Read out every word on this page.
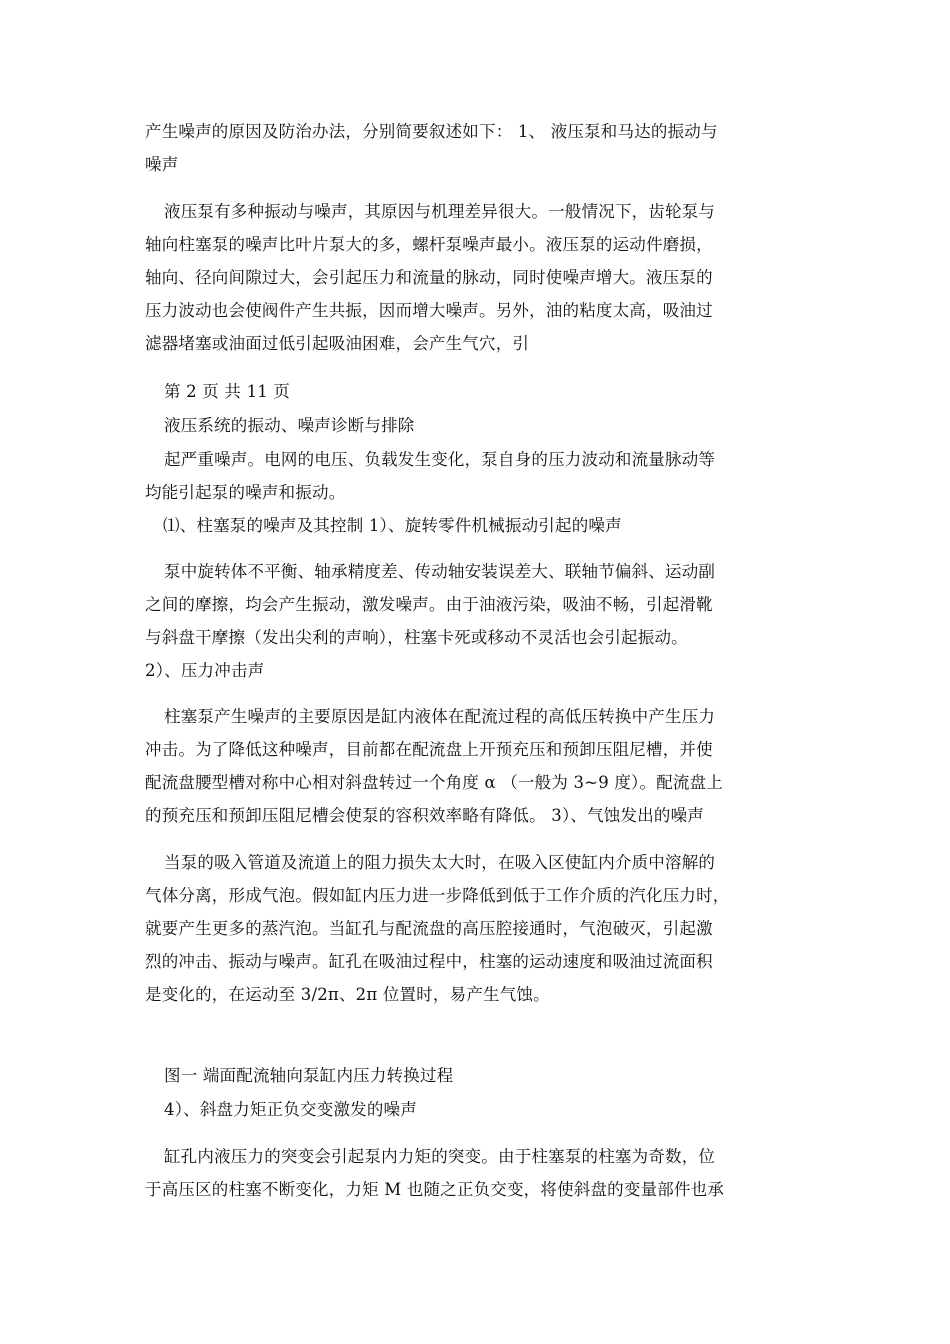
产生噪声的原因及防治办法，分别简要叙述如下： 1、 液压泵和马达的振动与
噪声
液压泵有多种振动与噪声，其原因与机理差异很大。一般情况下，齿轮泵与
轴向柱塞泵的噪声比叶片泵大的多，螺杆泵噪声最小。液压泵的运动件磨损，
轴向、径向间隙过大，会引起压力和流量的脉动，同时使噪声增大。液压泵的
压力波动也会使阀件产生共振，因而增大噪声。另外，油的粘度太高，吸油过
滤器堵塞或油面过低引起吸油困难，会产生气穴，引
第 2 页 共 11 页
液压系统的振动、噪声诊断与排除
起严重噪声。电网的电压、负载发生变化，泵自身的压力波动和流量脉动等
均能引起泵的噪声和振动。
⑴、柱塞泵的噪声及其控制 1）、旋转零件机械振动引起的噪声
泵中旋转体不平衡、轴承精度差、传动轴安装误差大、联轴节偏斜、运动副
之间的摩擦，均会产生振动，激发噪声。由于油液污染，吸油不畅，引起滑靴
与斜盘干摩擦（发出尖利的声响），柱塞卡死或移动不灵活也会引起振动。
2）、压力冲击声
柱塞泵产生噪声的主要原因是缸内液体在配流过程的高低压转换中产生压力
冲击。为了降低这种噪声，目前都在配流盘上开预充压和预卸压阻尼槽，并使
配流盘腰型槽对称中心相对斜盘转过一个角度 α （一般为 3~9 度）。配流盘上
的预充压和预卸压阻尼槽会使泵的容积效率略有降低。 3）、气蚀发出的噪声
当泵的吸入管道及流道上的阻力损失太大时，在吸入区使缸内介质中溶解的
气体分离，形成气泡。假如缸内压力进一步降低到低于工作介质的汽化压力时，
就要产生更多的蒸汽泡。当缸孔与配流盘的高压腔接通时，气泡破灭，引起激
烈的冲击、振动与噪声。缸孔在吸油过程中，柱塞的运动速度和吸油过流面积
是变化的，在运动至 3/2π、2π 位置时，易产生气蚀。
图一 端面配流轴向泵缸内压力转换过程
4）、斜盘力矩正负交变激发的噪声
缸孔内液压力的突变会引起泵内力矩的突变。由于柱塞泵的柱塞为奇数，位
于高压区的柱塞不断变化，力矩 M 也随之正负交变，将使斜盘的变量部件也承
